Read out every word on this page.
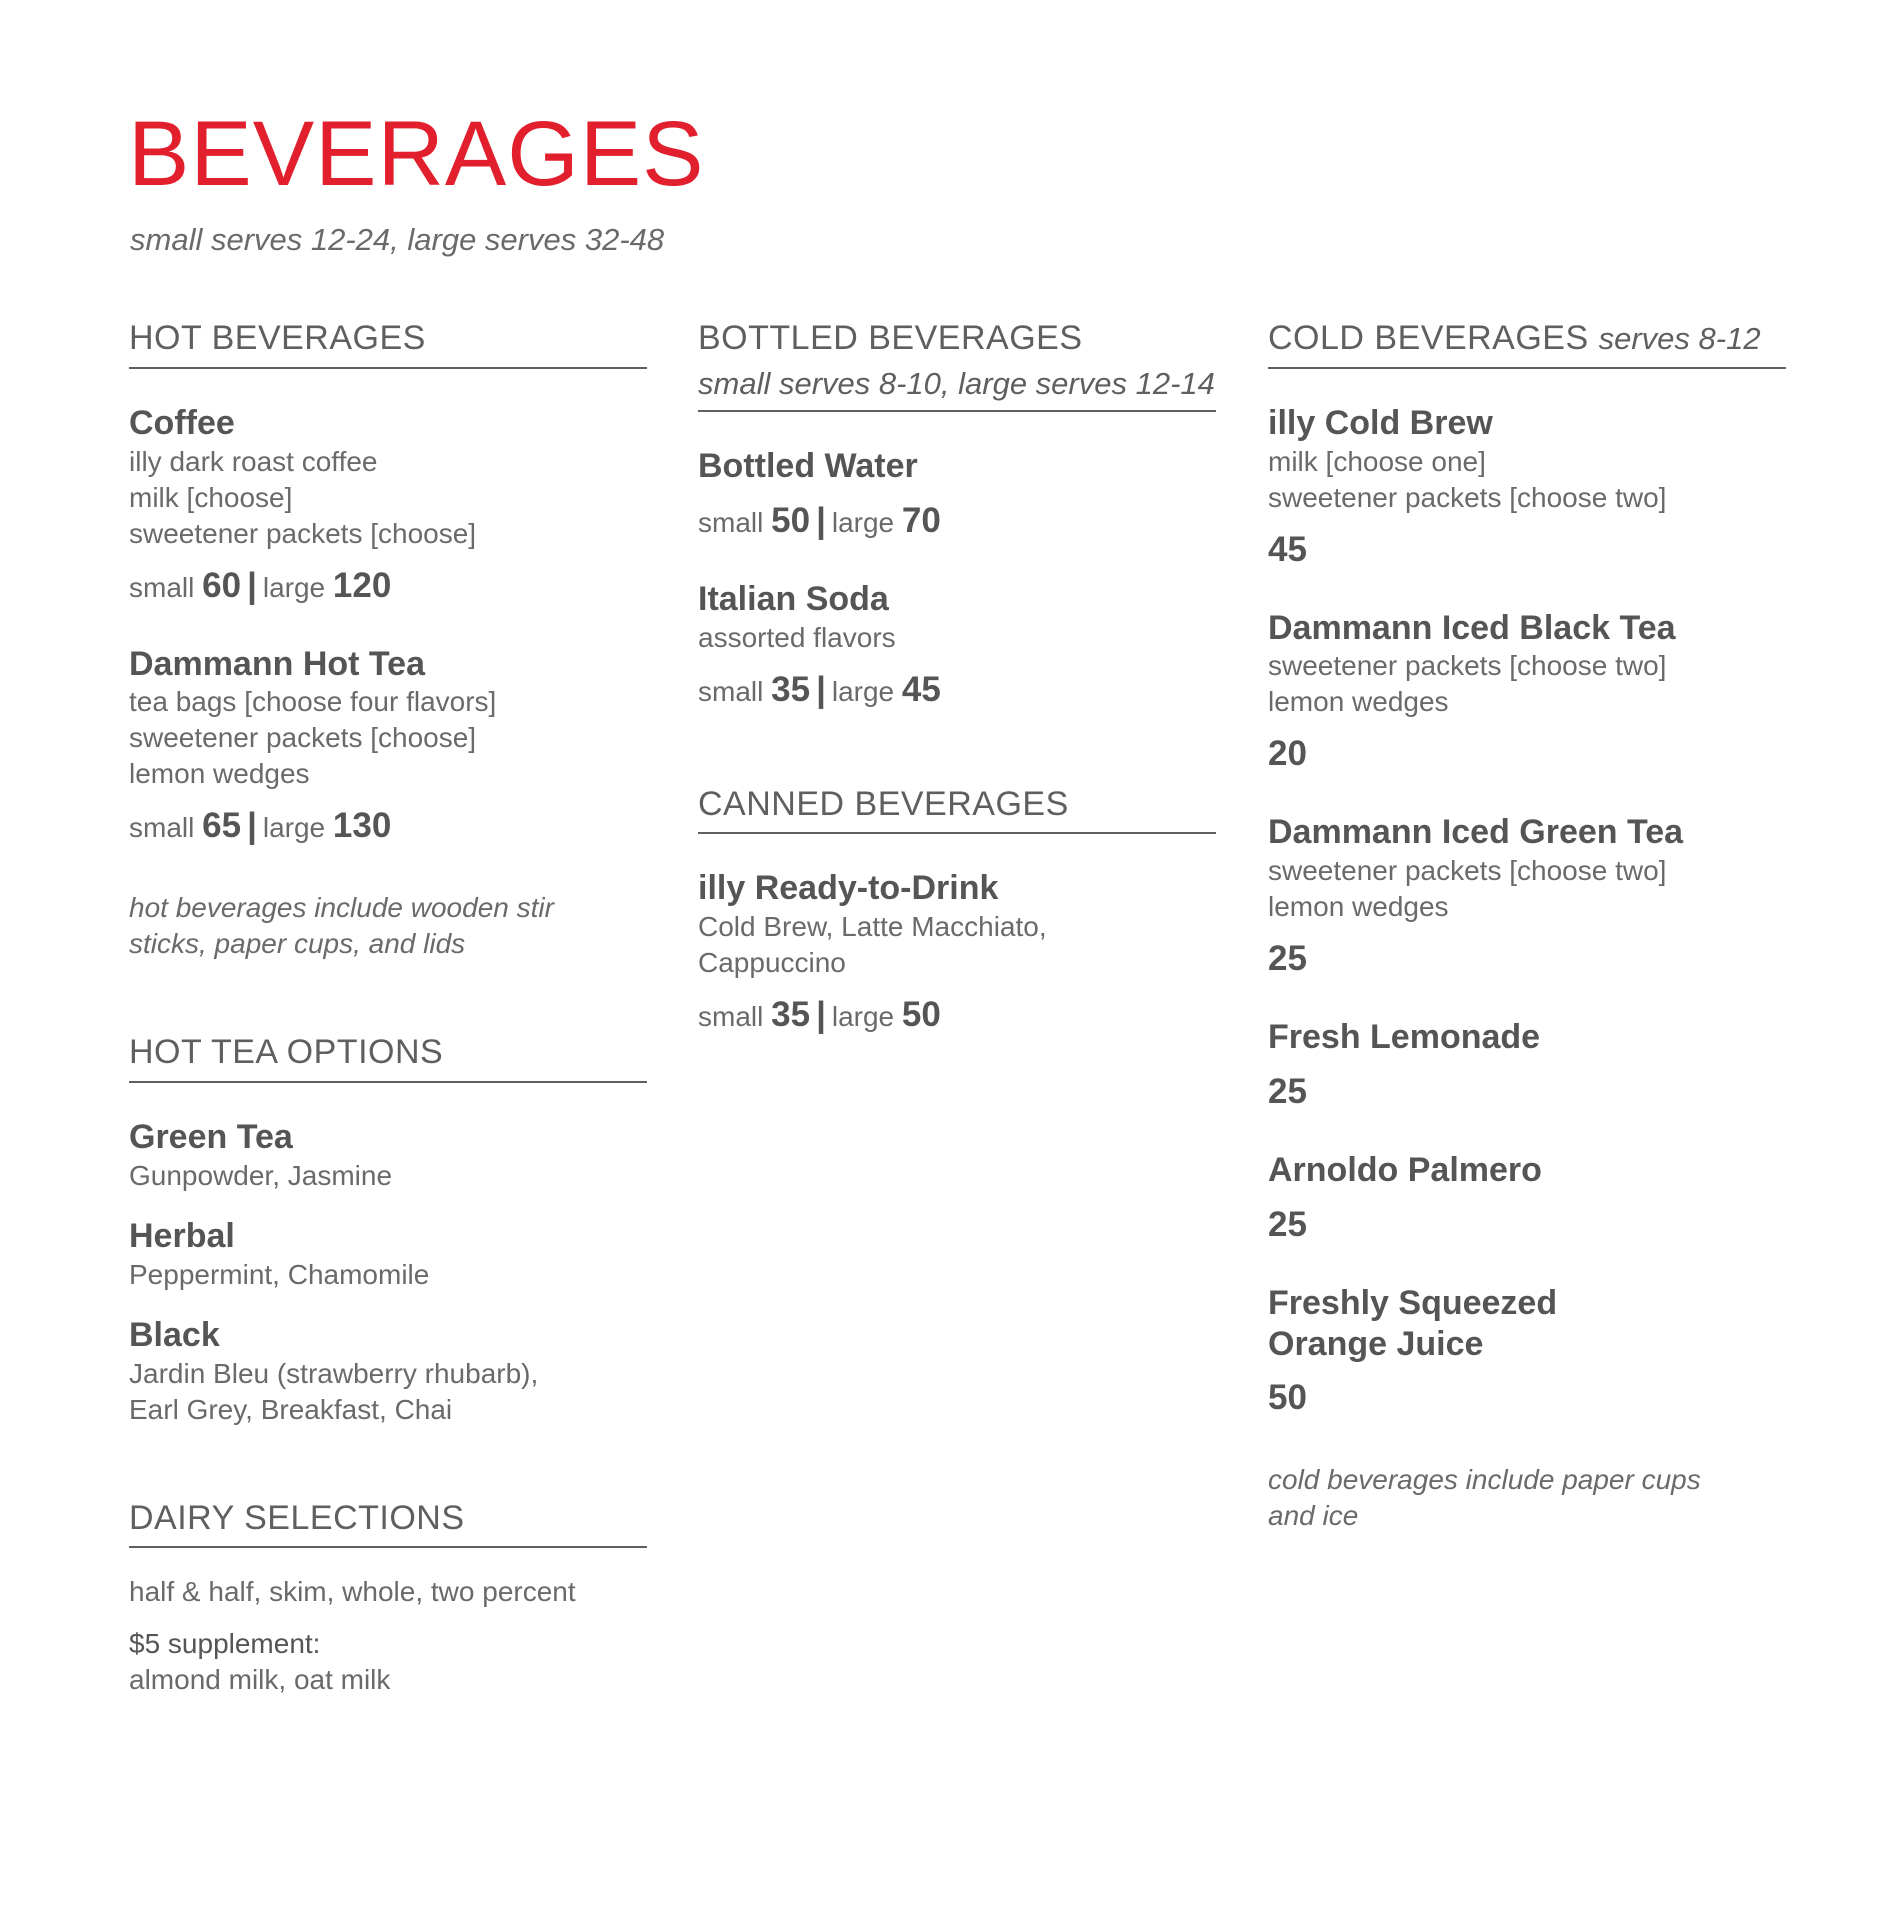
BEVERAGES
small serves 12-24, large serves 32-48
HOT BEVERAGES
Coffee
illy dark roast coffee
milk [choose]
sweetener packets [choose]
small 60 | large 120
Dammann Hot Tea
tea bags [choose four flavors]
sweetener packets [choose]
lemon wedges
small 65 | large 130
hot beverages include wooden stir
sticks, paper cups, and lids
HOT TEA OPTIONS
Green Tea
Gunpowder, Jasmine
Herbal
Peppermint, Chamomile
Black
Jardin Bleu (strawberry rhubarb),
Earl Grey, Breakfast, Chai
DAIRY SELECTIONS
half & half, skim, whole, two percent
$5 supplement:
almond milk, oat milk
BOTTLED BEVERAGES
small serves 8-10, large serves 12-14
Bottled Water
small 50 | large 70
Italian Soda
assorted flavors
small 35 | large 45
CANNED BEVERAGES
illy Ready-to-Drink
Cold Brew, Latte Macchiato,
Cappuccino
small 35 | large 50
COLD BEVERAGES serves 8-12
illy Cold Brew
milk [choose one]
sweetener packets [choose two]
45
Dammann Iced Black Tea
sweetener packets [choose two]
lemon wedges
20
Dammann Iced Green Tea
sweetener packets [choose two]
lemon wedges
25
Fresh Lemonade
25
Arnoldo Palmero
25
Freshly Squeezed
Orange Juice
50
cold beverages include paper cups
and ice
